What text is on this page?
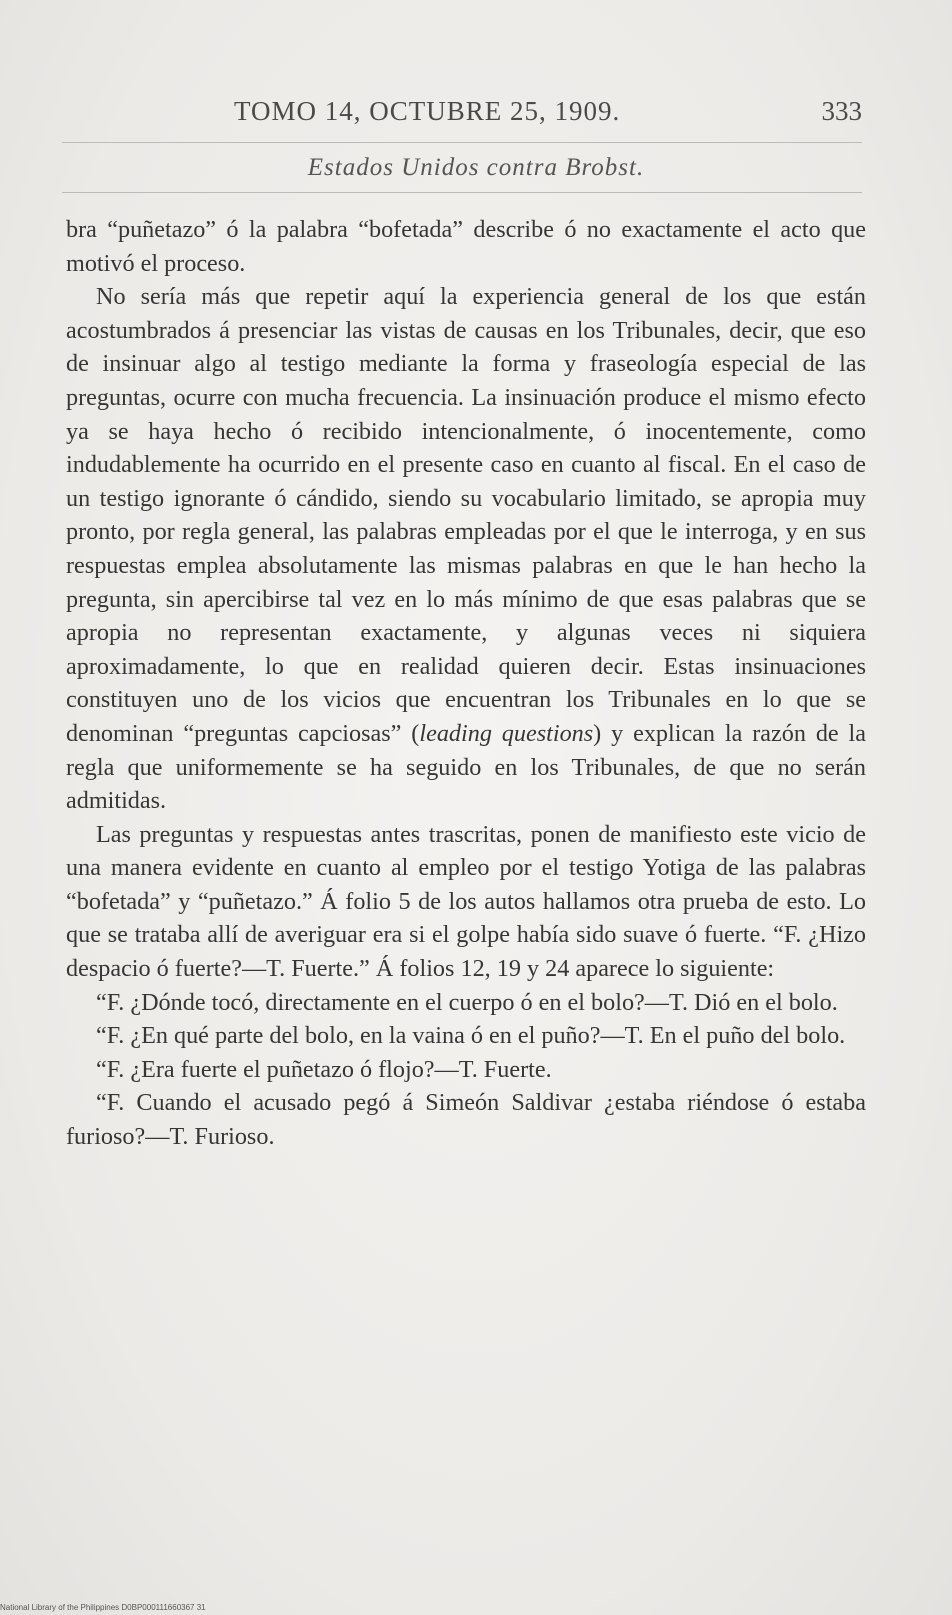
TOMO 14, OCTUBRE 25, 1909.	333
Estados Unidos contra Brobst.

bra “puñetazo” ó la palabra “bofetada” describe ó no exactamente el acto que motivó el proceso.

No sería más que repetir aquí la experiencia general de los que están acostumbrados á presenciar las vistas de causas en los Tribunales, decir, que eso de insinuar algo al testigo mediante la forma y fraseología especial de las preguntas, ocurre con mucha frecuencia. La insinuación produce el mismo efecto ya se haya hecho ó recibido intencionalmente, ó inocentemente, como indudablemente ha ocurrido en el presente caso en cuanto al fiscal. En el caso de un testigo ignorante ó cándido, siendo su vocabulario limitado, se apropia muy pronto, por regla general, las palabras empleadas por el que le interroga, y en sus respuestas emplea absolutamente las mismas palabras en que le han hecho la pregunta, sin apercibirse tal vez en lo más mínimo de que esas palabras que se apropia no representan exactamente, y algunas veces ni siquiera aproximadamente, lo que en realidad quieren decir. Estas insinuaciones constituyen uno de los vicios que encuentran los Tribunales en lo que se denominan “preguntas capciosas” (leading questions) y explican la razón de la regla que uniformemente se ha seguido en los Tribunales, de que no serán admitidas.

Las preguntas y respuestas antes trascritas, ponen de manifiesto este vicio de una manera evidente en cuanto al empleo por el testigo Yotiga de las palabras “bofetada” y “puñetazo.” Á folio 5 de los autos hallamos otra prueba de esto. Lo que se trataba allí de averiguar era si el golpe había sido suave ó fuerte. “F. ¿Hizo despacio ó fuerte?—T. Fuerte.” Á folios 12, 19 y 24 aparece lo siguiente:

“F. ¿Dónde tocó, directamente en el cuerpo ó en el bolo?—T. Dió en el bolo.

“F. ¿En qué parte del bolo, en la vaina ó en el puño?—T. En el puño del bolo.

“F. ¿Era fuerte el puñetazo ó flojo?—T. Fuerte.

“F. Cuando el acusado pegó á Simeón Saldivar ¿estaba riéndose ó estaba furioso?—T. Furioso.

National Library of the Philippines D0BP000111660367 31
